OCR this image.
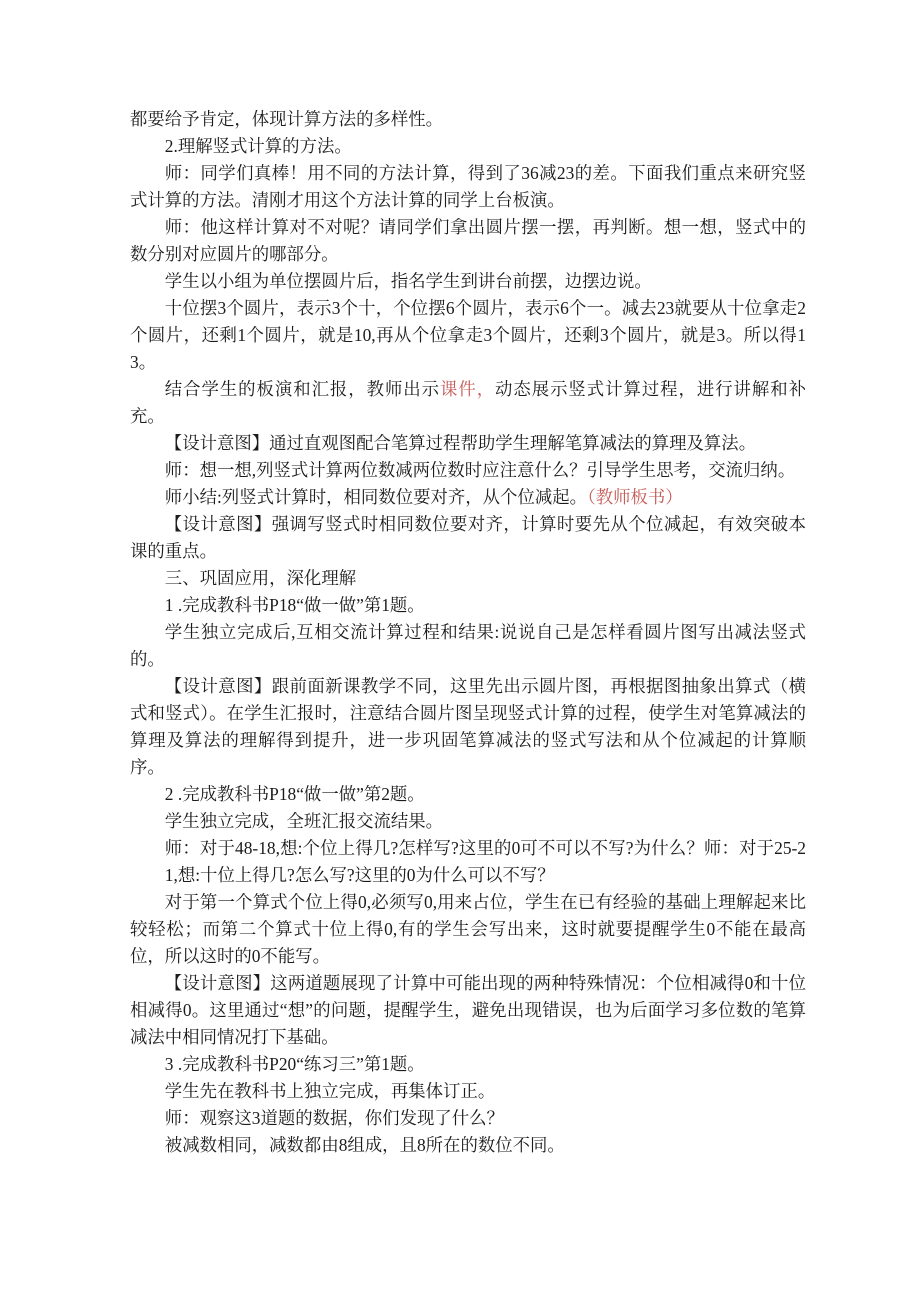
都要给予肯定，体现计算方法的多样性。

2.理解竖式计算的方法。

师：同学们真棒！用不同的方法计算，得到了36减23的差。下面我们重点来研究竖式计算的方法。清刚才用这个方法计算的同学上台板演。

师：他这样计算对不对呢？请同学们拿出圆片摆一摆，再判断。想一想，竖式中的数分别对应圆片的哪部分。

学生以小组为单位摆圆片后，指名学生到讲台前摆，边摆边说。

十位摆3个圆片，表示3个十，个位摆6个圆片，表示6个一。减去23就要从十位拿走2个圆片，还剩1个圆片，就是10,再从个位拿走3个圆片，还剩3个圆片，就是3。所以得13。

结合学生的板演和汇报，教师出示课件，动态展示竖式计算过程，进行讲解和补充。

【设计意图】通过直观图配合笔算过程帮助学生理解笔算减法的算理及算法。

师：想一想,列竖式计算两位数减两位数时应注意什么？引导学生思考，交流归纳。

师小结:列竖式计算时，相同数位要对齐，从个位减起。（教师板书）

【设计意图】强调写竖式时相同数位要对齐，计算时要先从个位减起，有效突破本课的重点。

三、巩固应用，深化理解

1 .完成教科书P18“做一做”第1题。

学生独立完成后,互相交流计算过程和结果:说说自己是怎样看圆片图写出减法竖式的。

【设计意图】跟前面新课教学不同，这里先出示圆片图，再根据图抽象出算式（横式和竖式）。在学生汇报时，注意结合圆片图呈现竖式计算的过程，使学生对笔算减法的算理及算法的理解得到提升，进一步巩固笔算减法的竖式写法和从个位减起的计算顺序。

2 .完成教科书P18“做一做”第2题。

学生独立完成，全班汇报交流结果。

师：对于48-18,想:个位上得几?怎样写?这里的0可不可以不写?为什么？师：对于25-21,想:十位上得几?怎么写?这里的0为什么可以不写？

对于第一个算式个位上得0,必须写0,用来占位，学生在已有经验的基础上理解起来比较轻松；而第二个算式十位上得0,有的学生会写出来，这时就要提醒学生0不能在最高位，所以这时的0不能写。

【设计意图】这两道题展现了计算中可能出现的两种特殊情况：个位相减得0和十位相减得0。这里通过“想”的问题，提醒学生，避免出现错误，也为后面学习多位数的笔算减法中相同情况打下基础。

3 .完成教科书P20“练习三”第1题。

学生先在教科书上独立完成，再集体订正。

师：观察这3道题的数据，你们发现了什么？

被减数相同，减数都由8组成，且8所在的数位不同。
